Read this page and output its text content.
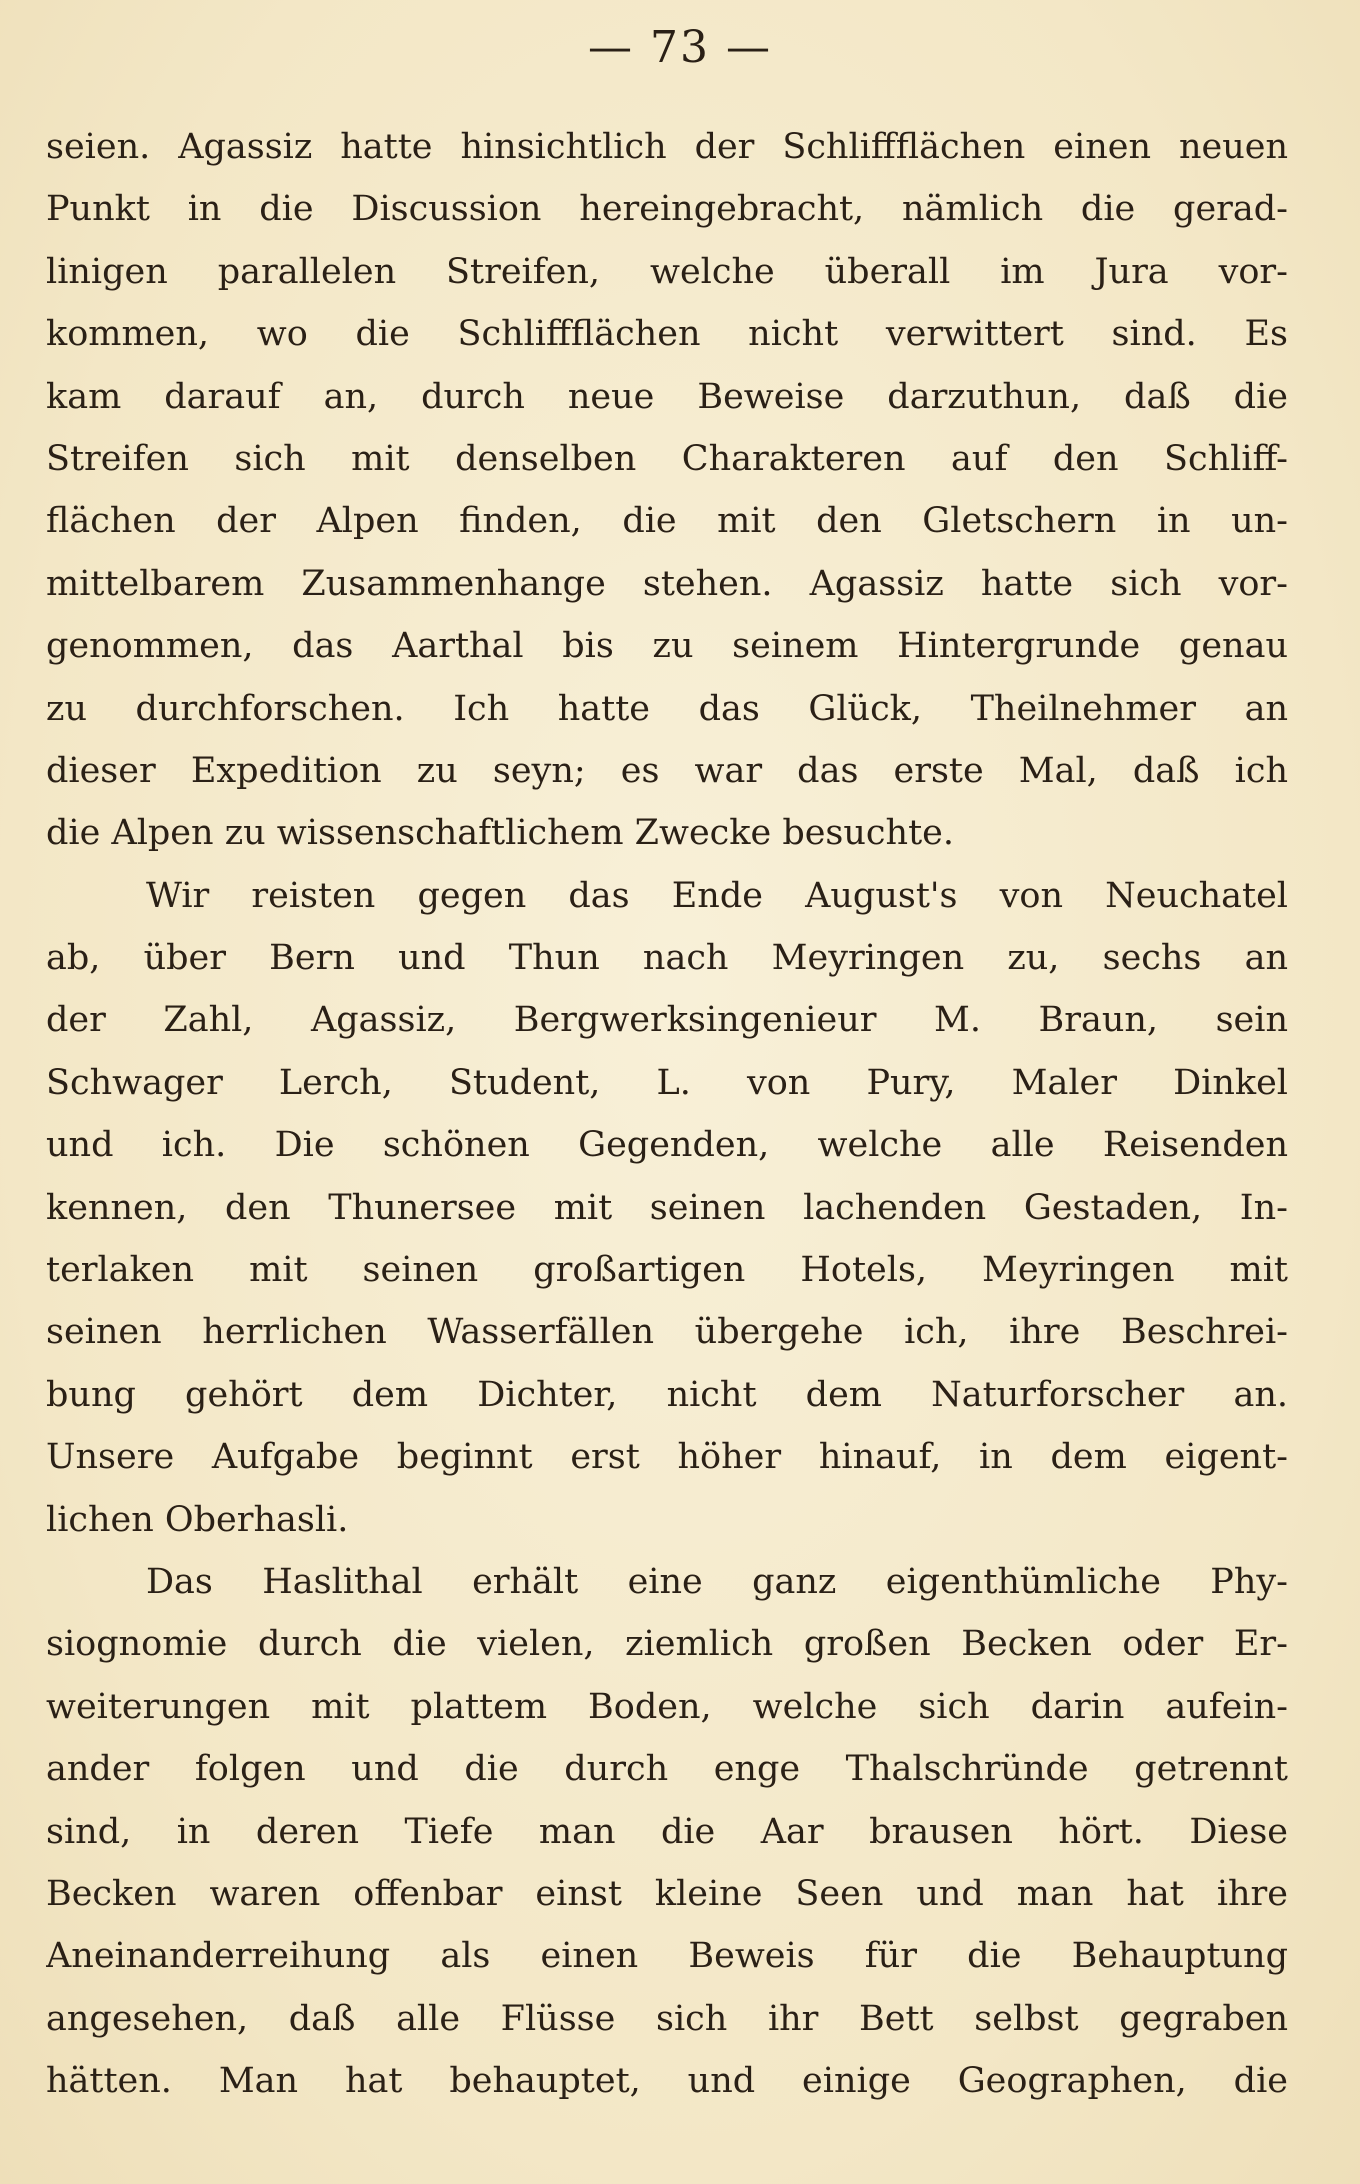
— 73 —
seien. Agassiz hatte hinsichtlich der Schliffflächen einen neuen
Punkt in die Discussion hereingebracht, nämlich die gerad-
linigen parallelen Streifen, welche überall im Jura vor-
kommen, wo die Schliffflächen nicht verwittert sind. Es
kam darauf an, durch neue Beweise darzuthun, daß die
Streifen sich mit denselben Charakteren auf den Schliff-
flächen der Alpen finden, die mit den Gletschern in un-
mittelbarem Zusammenhange stehen. Agassiz hatte sich vor-
genommen, das Aarthal bis zu seinem Hintergrunde genau
zu durchforschen. Ich hatte das Glück, Theilnehmer an
dieser Expedition zu seyn; es war das erste Mal, daß ich
die Alpen zu wissenschaftlichem Zwecke besuchte.
Wir reisten gegen das Ende August's von Neuchatel
ab, über Bern und Thun nach Meyringen zu, sechs an
der Zahl, Agassiz, Bergwerksingenieur M. Braun, sein
Schwager Lerch, Student, L. von Pury, Maler Dinkel
und ich. Die schönen Gegenden, welche alle Reisenden
kennen, den Thunersee mit seinen lachenden Gestaden, In-
terlaken mit seinen großartigen Hotels, Meyringen mit
seinen herrlichen Wasserfällen übergehe ich, ihre Beschrei-
bung gehört dem Dichter, nicht dem Naturforscher an.
Unsere Aufgabe beginnt erst höher hinauf, in dem eigent-
lichen Oberhasli.
Das Haslithal erhält eine ganz eigenthümliche Phy-
siognomie durch die vielen, ziemlich großen Becken oder Er-
weiterungen mit plattem Boden, welche sich darin aufein-
ander folgen und die durch enge Thalschründe getrennt
sind, in deren Tiefe man die Aar brausen hört. Diese
Becken waren offenbar einst kleine Seen und man hat ihre
Aneinanderreihung als einen Beweis für die Behauptung
angesehen, daß alle Flüsse sich ihr Bett selbst gegraben
hätten. Man hat behauptet, und einige Geographen, die
